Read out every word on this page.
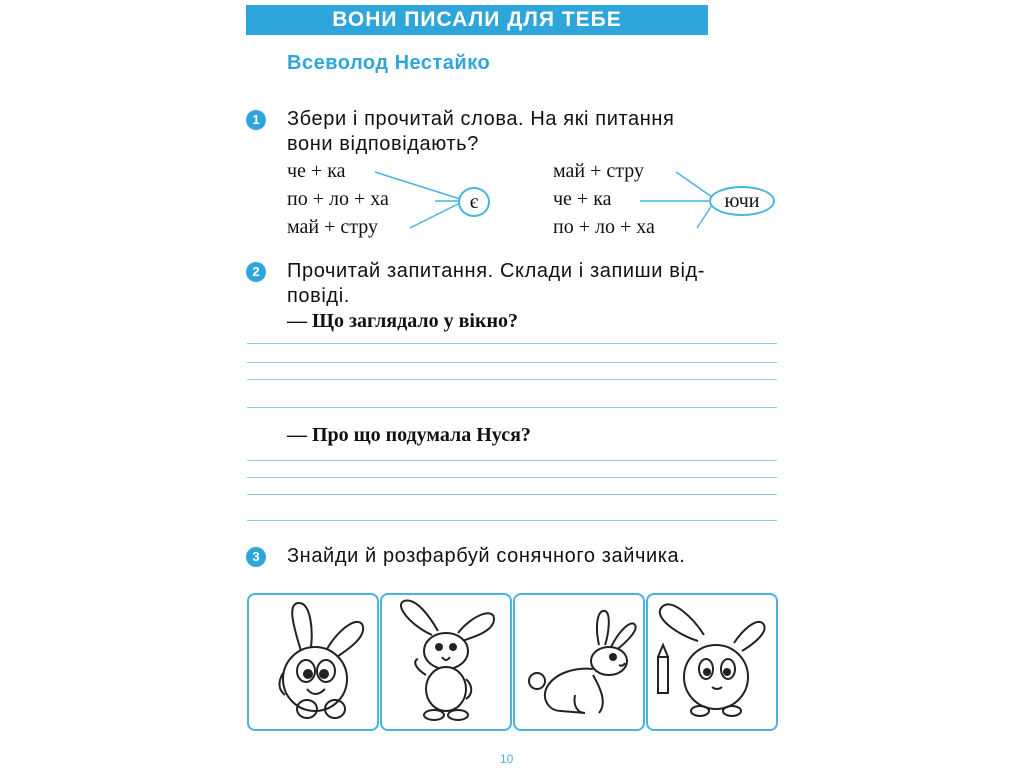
ВОНИ ПИСАЛИ ДЛЯ ТЕБЕ
Всеволод Нестайко
1	Збери і прочитай слова. На які питання
вони відповідають?
че + ка
по + ло + ха
май + стру
є
май + стру
че + ка
по + ло + ха
ючи
2	Прочитай запитання. Склади і запиши від-
повіді.
— Що заглядало у вікно?
— Про що подумала Нуся?
3	Знайди й розфарбуй сонячного зайчика.
10
